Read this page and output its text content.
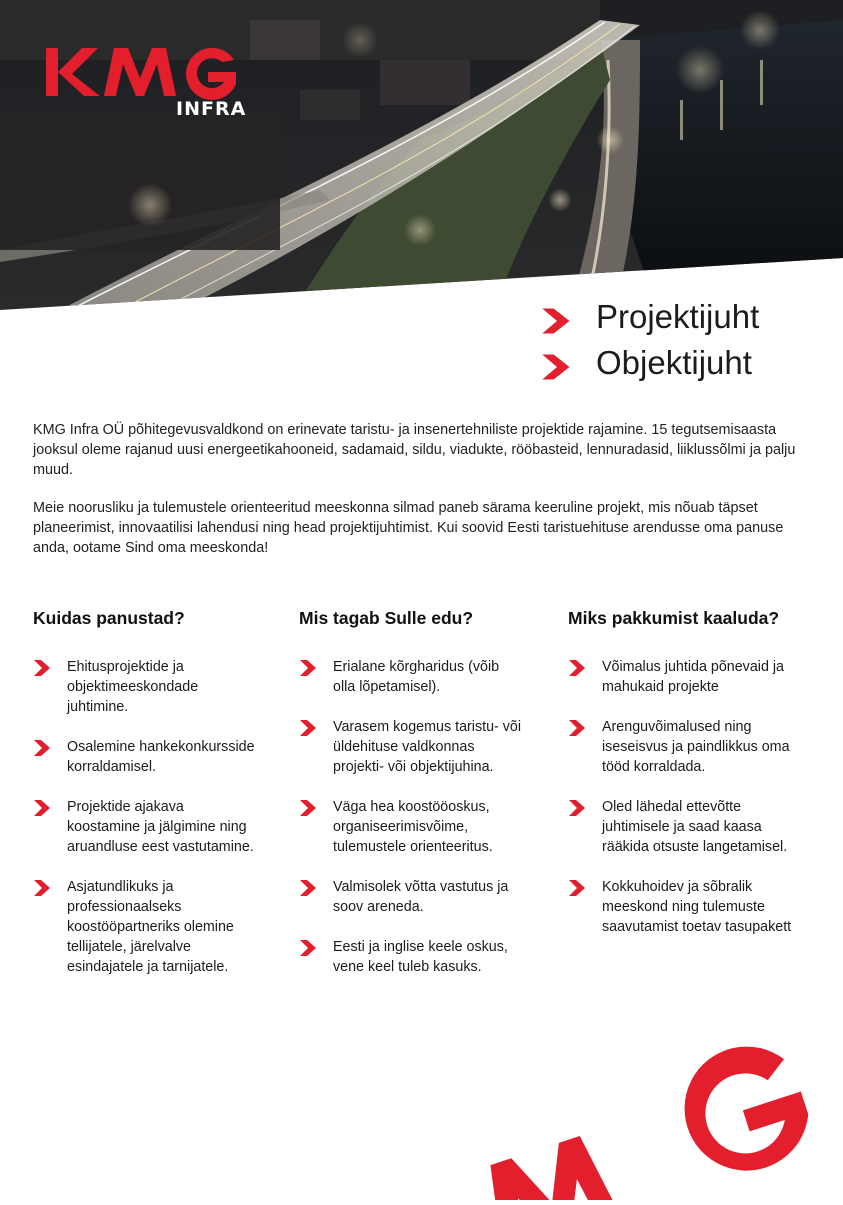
INFRA
Projektijuht
Objektijuht

KMG Infra OÜ põhitegevusvaldkond on erinevate taristu- ja insenertehniliste projektide rajamine. 15 tegutsemisaasta jooksul oleme rajanud uusi energeetikahooneid, sadamaid, sildu, viadukte, rööbasteid, lennuradasid, liiklussõlmi ja palju muud.

Meie noorusliku ja tulemustele orienteeritud meeskonna silmad paneb särama keeruline projekt, mis nõuab täpset planeerimist, innovaatilisi lahendusi ning head projektijuhtimist. Kui soovid Eesti taristuehituse arendusse oma panuse anda, ootame Sind oma meeskonda!

Kuidas panustad?
Ehitusprojektide ja objektimeeskondade juhtimine.
Osalemine hankekonkursside korraldamisel.
Projektide ajakava koostamine ja jälgimine ning aruandluse eest vastutamine.
Asjatundlikuks ja professionaalseks koostööpartneriks olemine tellijatele, järelvalve esindajatele ja tarnijatele.
Mis tagab Sulle edu?
Erialane kõrgharidus (võib olla lõpetamisel).
Varasem kogemus taristu- või üldehituse valdkonnas projekti- või objektijuhina.
Väga hea koostööoskus, organiseerimisvõime, tulemustele orienteeritus.
Valmisolek võtta vastutus ja soov areneda.
Eesti ja inglise keele oskus, vene keel tuleb kasuks.
Miks pakkumist kaaluda?
Võimalus juhtida põnevaid ja mahukaid projekte
Arenguvõimalused ning iseseisvus ja paindlikkus oma tööd korraldada.
Oled lähedal ettevõtte juhtimisele ja saad kaasa rääkida otsuste langetamisel.
Kokkuhoidev ja sõbralik meeskond ning tulemuste saavutamist toetav tasupakett
